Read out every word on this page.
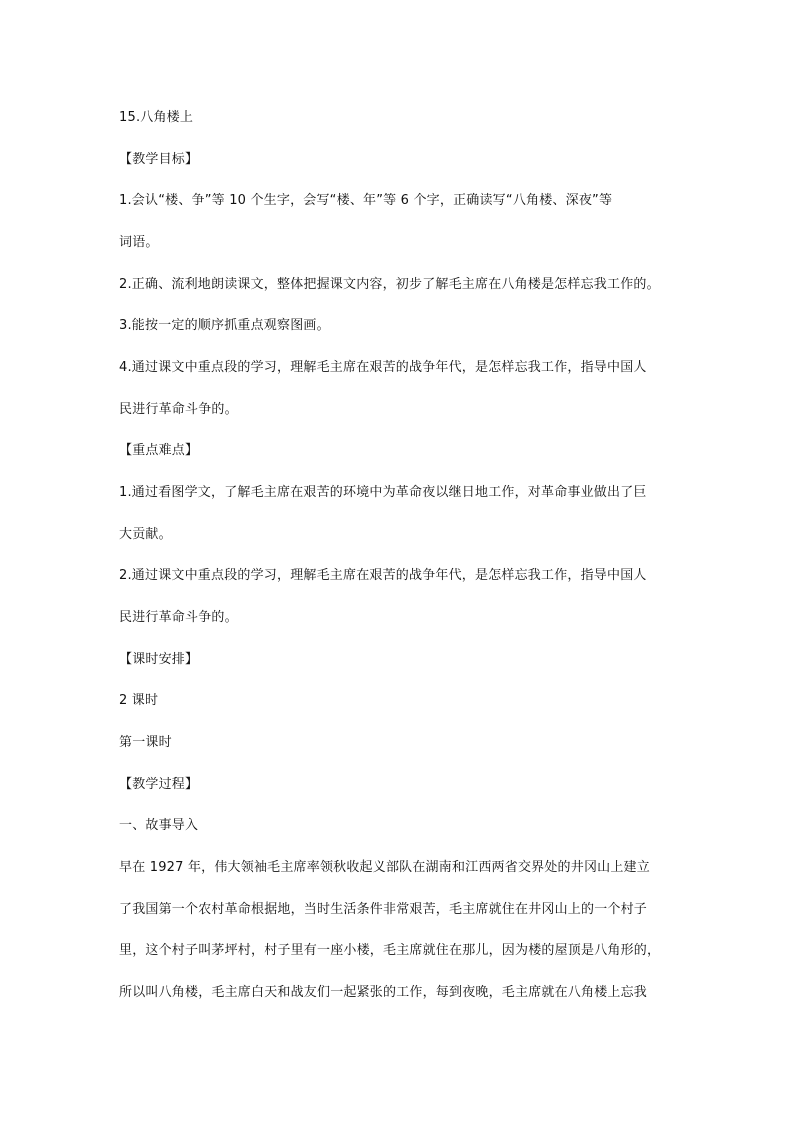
15.八角楼上
【教学目标】
1.会认“楼、争”等 10 个生字，会写“楼、年”等 6 个字，正确读写“八角楼、深夜”等
词语。
2.正确、流利地朗读课文，整体把握课文内容，初步了解毛主席在八角楼是怎样忘我工作的。
3.能按一定的顺序抓重点观察图画。
4.通过课文中重点段的学习，理解毛主席在艰苦的战争年代，是怎样忘我工作，指导中国人
民进行革命斗争的。
【重点难点】
1.通过看图学文，了解毛主席在艰苦的环境中为革命夜以继日地工作，对革命事业做出了巨
大贡献。
2.通过课文中重点段的学习，理解毛主席在艰苦的战争年代，是怎样忘我工作，指导中国人
民进行革命斗争的。
【课时安排】
2 课时
第一课时
【教学过程】
一、故事导入
早在 1927 年，伟大领袖毛主席率领秋收起义部队在湖南和江西两省交界处的井冈山上建立
了我国第一个农村革命根据地，当时生活条件非常艰苦，毛主席就住在井冈山上的一个村子
里，这个村子叫茅坪村，村子里有一座小楼，毛主席就住在那儿，因为楼的屋顶是八角形的，
所以叫八角楼，毛主席白天和战友们一起紧张的工作，每到夜晚，毛主席就在八角楼上忘我
